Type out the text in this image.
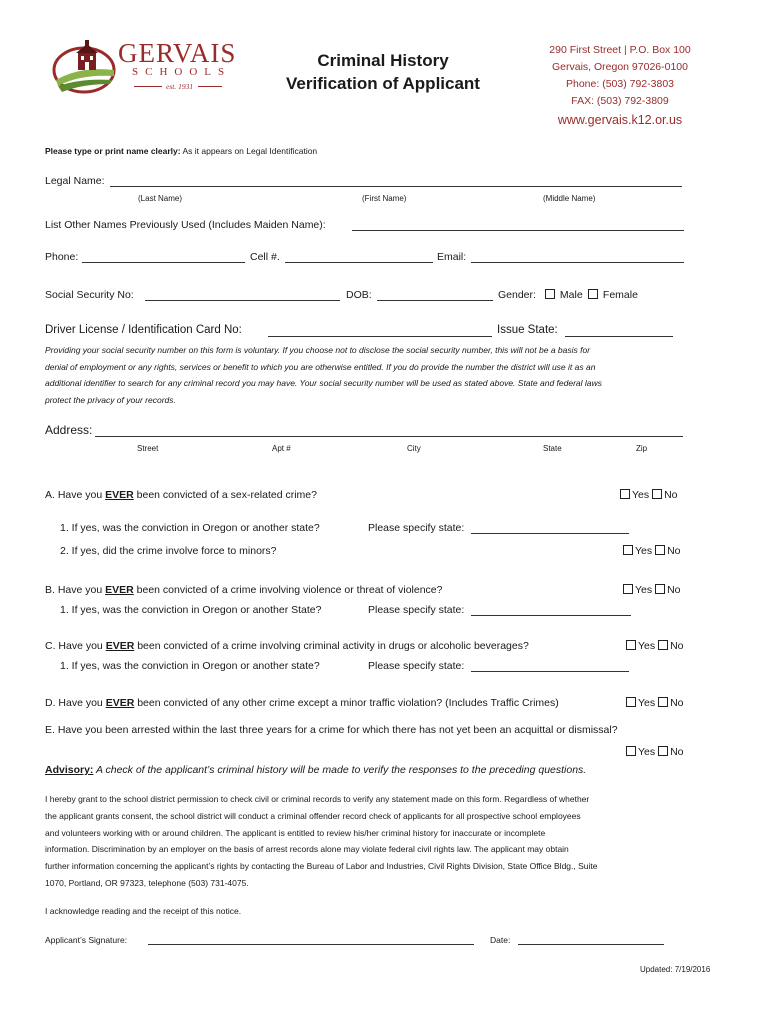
GERVAIS
SCHOOLS
est. 1931
Criminal History
Verification of Applicant
290 First Street | P.O. Box 100
Gervais, Oregon 97026-0100
Phone: (503) 792-3803
FAX: (503) 792-3809
www.gervais.k12.or.us
Please type or print name clearly: As it appears on Legal Identification
Legal Name:
(Last Name)	(First Name)	(Middle Name)
List Other Names Previously Used (Includes Maiden Name):
Phone:	Cell #.	Email:
Social Security No:	DOB:	Gender:	Male	Female
Driver License / Identification Card No:	Issue State:
Providing your social security number on this form is voluntary. If you choose not to disclose the social security number, this will not be a basis for
denial of employment or any rights, services or benefit to which you are otherwise entitled. If you do provide the number the district will use it as an
additional identifier to search for any criminal record you may have. Your social security number will be used as stated above. State and federal laws
protect the privacy of your records.
Address:
Street	Apt #	City	State	Zip
A. Have you EVER been convicted of a sex-related crime?	Yes No
1. If yes, was the conviction in Oregon or another state?	Please specify state:
2. If yes, did the crime involve force to minors?	Yes No
B. Have you EVER been convicted of a crime involving violence or threat of violence?	Yes No
1. If yes, was the conviction in Oregon or another State?	Please specify state:
C. Have you EVER been convicted of a crime involving criminal activity in drugs or alcoholic beverages?	Yes No
1. If yes, was the conviction in Oregon or another state?	Please specify state:
D. Have you EVER been convicted of any other crime except a minor traffic violation? (Includes Traffic Crimes)	Yes No
E. Have you been arrested within the last three years for a crime for which there has not yet been an acquittal or dismissal?
Yes No
Advisory: A check of the applicant’s criminal history will be made to verify the responses to the preceding questions.
I hereby grant to the school district permission to check civil or criminal records to verify any statement made on this form. Regardless of whether
the applicant grants consent, the school district will conduct a criminal offender record check of applicants for all prospective school employees
and volunteers working with or around children. The applicant is entitled to review his/her criminal history for inaccurate or incomplete
information. Discrimination by an employer on the basis of arrest records alone may violate federal civil rights law. The applicant may obtain
further information concerning the applicant’s rights by contacting the Bureau of Labor and Industries, Civil Rights Division, State Office Bldg., Suite
1070, Portland, OR 97323, telephone (503) 731-4075.
I acknowledge reading and the receipt of this notice.
Applicant’s Signature:	Date:
Updated: 7/19/2016
